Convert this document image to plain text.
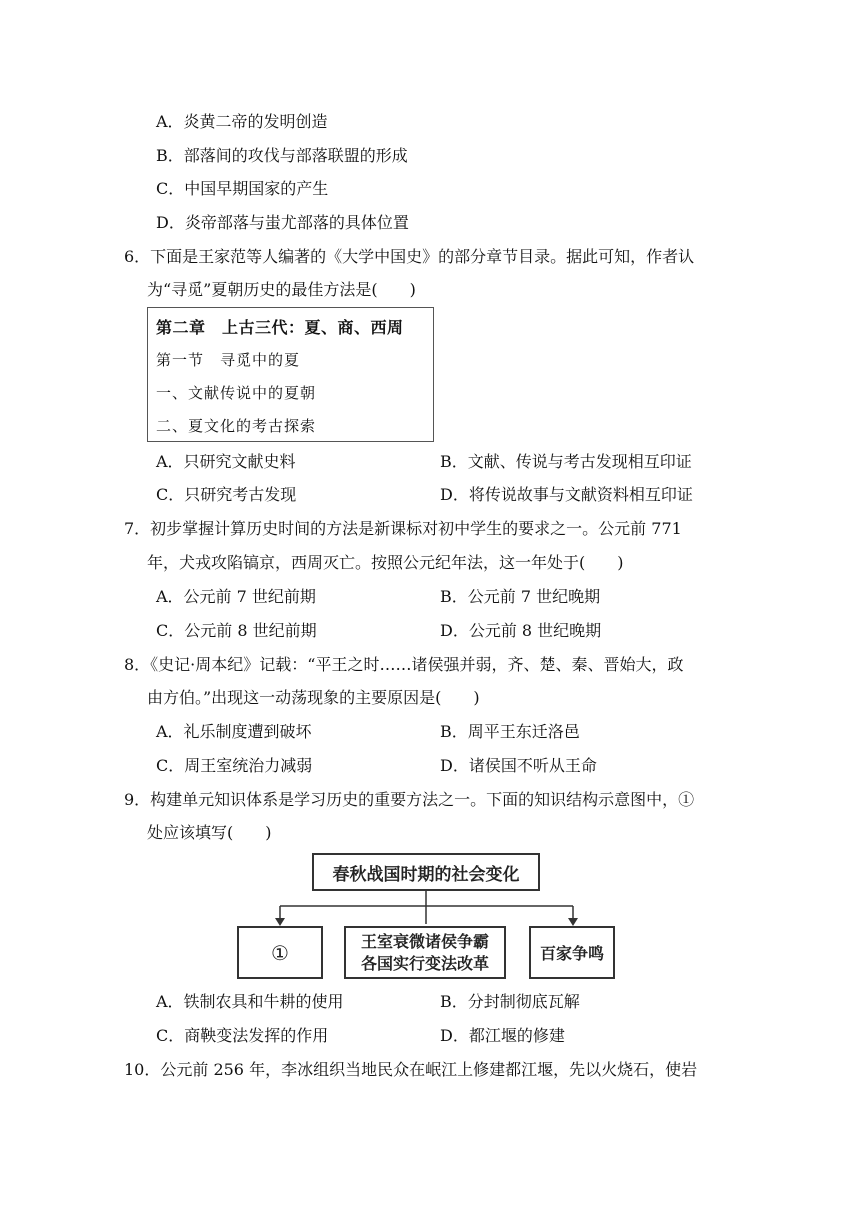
A．炎黄二帝的发明创造
B．部落间的攻伐与部落联盟的形成
C．中国早期国家的产生
D．炎帝部落与蚩尤部落的具体位置
6．下面是王家范等人编著的《大学中国史》的部分章节目录。据此可知，作者认
为“寻觅”夏朝历史的最佳方法是(　　)
第二章　上古三代：夏、商、西周
第一节　寻觅中的夏
一、文献传说中的夏朝
二、夏文化的考古探索
A．只研究文献史料	B．文献、传说与考古发现相互印证
C．只研究考古发现	D．将传说故事与文献资料相互印证
7．初步掌握计算历史时间的方法是新课标对初中学生的要求之一。公元前 771
年，犬戎攻陷镐京，西周灭亡。按照公元纪年法，这一年处于(　　)
A．公元前 7 世纪前期	B．公元前 7 世纪晚期
C．公元前 8 世纪前期	D．公元前 8 世纪晚期
8．《史记·周本纪》记载：“平王之时……诸侯强并弱，齐、楚、秦、晋始大，政
由方伯。”出现这一动荡现象的主要原因是(　　)
A．礼乐制度遭到破坏	B．周平王东迁洛邑
C．周王室统治力减弱	D．诸侯国不听从王命
9．构建单元知识体系是学习历史的重要方法之一。下面的知识结构示意图中，①
处应该填写(　　)
春秋战国时期的社会变化
①	王室衰微诸侯争霸
各国实行变法改革	百家争鸣
A．铁制农具和牛耕的使用	B．分封制彻底瓦解
C．商鞅变法发挥的作用	D．都江堰的修建
10．公元前 256 年，李冰组织当地民众在岷江上修建都江堰，先以火烧石，使岩
